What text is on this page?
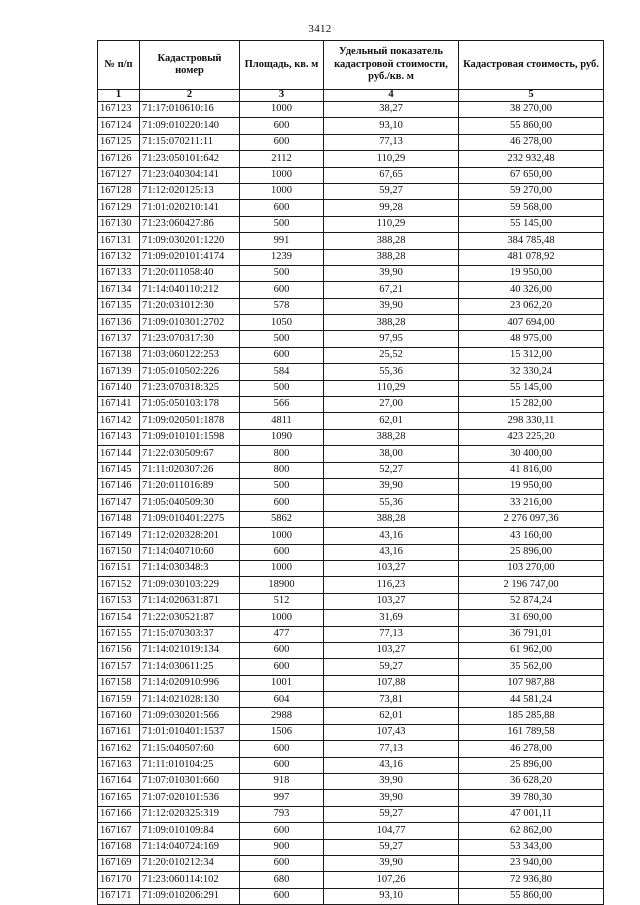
3412
№ п/п	Кадастровый номер	Площадь, кв. м	Удельный показатель кадастровой стоимости, руб./кв. м	Кадастровая стоимость, руб.
1	2	3	4	5
167123	71:17:010610:16	1000	38,27	38 270,00
167124	71:09:010220:140	600	93,10	55 860,00
167125	71:15:070211:11	600	77,13	46 278,00
167126	71:23:050101:642	2112	110,29	232 932,48
167127	71:23:040304:141	1000	67,65	67 650,00
167128	71:12:020125:13	1000	59,27	59 270,00
167129	71:01:020210:141	600	99,28	59 568,00
167130	71:23:060427:86	500	110,29	55 145,00
167131	71:09:030201:1220	991	388,28	384 785,48
167132	71:09:020101:4174	1239	388,28	481 078,92
167133	71:20:011058:40	500	39,90	19 950,00
167134	71:14:040110:212	600	67,21	40 326,00
167135	71:20:031012:30	578	39,90	23 062,20
167136	71:09:010301:2702	1050	388,28	407 694,00
167137	71:23:070317:30	500	97,95	48 975,00
167138	71:03:060122:253	600	25,52	15 312,00
167139	71:05:010502:226	584	55,36	32 330,24
167140	71:23:070318:325	500	110,29	55 145,00
167141	71:05:050103:178	566	27,00	15 282,00
167142	71:09:020501:1878	4811	62,01	298 330,11
167143	71:09:010101:1598	1090	388,28	423 225,20
167144	71:22:030509:67	800	38,00	30 400,00
167145	71:11:020307:26	800	52,27	41 816,00
167146	71:20:011016:89	500	39,90	19 950,00
167147	71:05:040509:30	600	55,36	33 216,00
167148	71:09:010401:2275	5862	388,28	2 276 097,36
167149	71:12:020328:201	1000	43,16	43 160,00
167150	71:14:040710:60	600	43,16	25 896,00
167151	71:14:030348:3	1000	103,27	103 270,00
167152	71:09:030103:229	18900	116,23	2 196 747,00
167153	71:14:020631:871	512	103,27	52 874,24
167154	71:22:030521:87	1000	31,69	31 690,00
167155	71:15:070303:37	477	77,13	36 791,01
167156	71:14:021019:134	600	103,27	61 962,00
167157	71:14:030611:25	600	59,27	35 562,00
167158	71:14:020910:996	1001	107,88	107 987,88
167159	71:14:021028:130	604	73,81	44 581,24
167160	71:09:030201:566	2988	62,01	185 285,88
167161	71:01:010401:1537	1506	107,43	161 789,58
167162	71:15:040507:60	600	77,13	46 278,00
167163	71:11:010104:25	600	43,16	25 896,00
167164	71:07:010301:660	918	39,90	36 628,20
167165	71:07:020101:536	997	39,90	39 780,30
167166	71:12:020325:319	793	59,27	47 001,11
167167	71:09:010109:84	600	104,77	62 862,00
167168	71:14:040724:169	900	59,27	53 343,00
167169	71:20:010212:34	600	39,90	23 940,00
167170	71:23:060114:102	680	107,26	72 936,80
167171	71:09:010206:291	600	93,10	55 860,00
